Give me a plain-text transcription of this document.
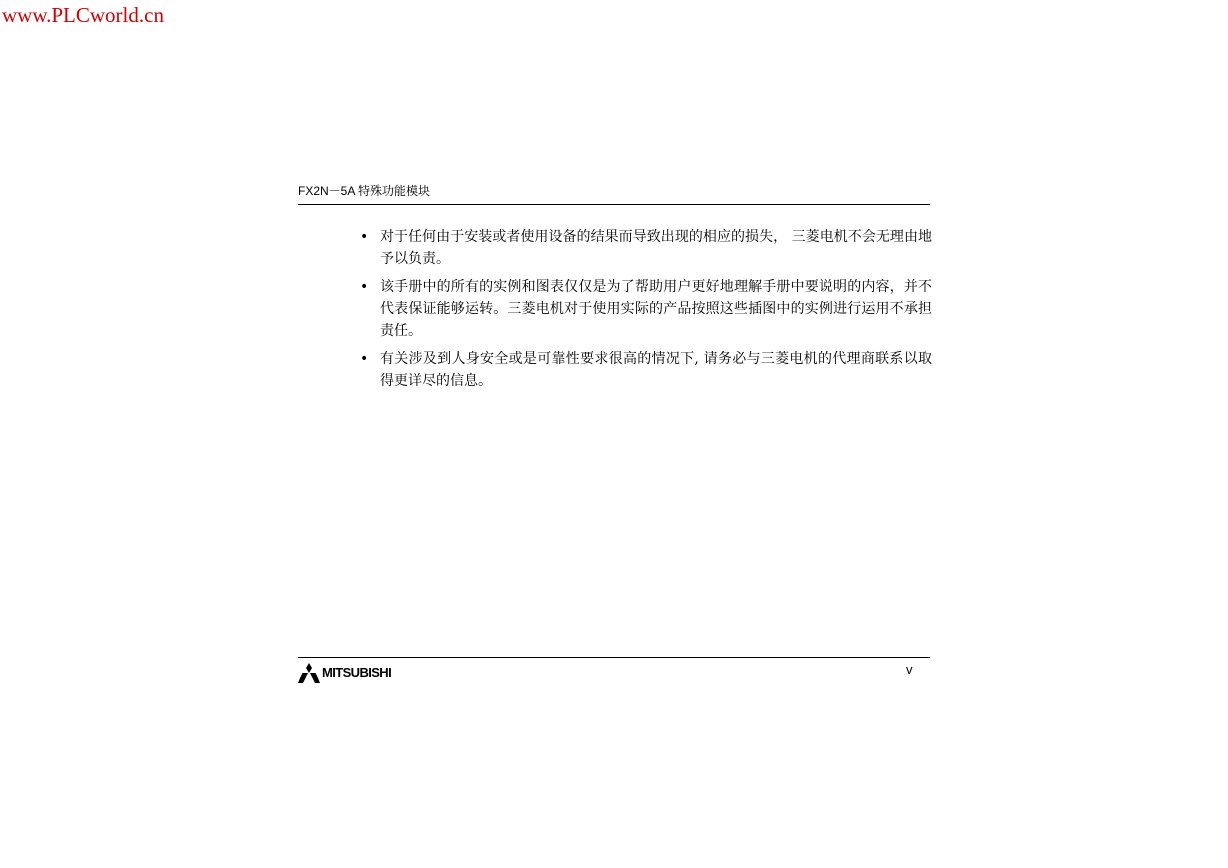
www.PLCworld.cn
FX2N－5A 特殊功能模块
• 对于任何由于安装或者使用设备的结果而导致出现的相应的损失， 三菱电机不会无理由地予以负责。
• 该手册中的所有的实例和图表仅仅是为了帮助用户更好地理解手册中要说明的内容，并不代表保证能够运转。三菱电机对于使用实际的产品按照这些插图中的实例进行运用不承担责任。
• 有关涉及到人身安全或是可靠性要求很高的情况下, 请务必与三菱电机的代理商联系以取得更详尽的信息。
MITSUBISHI	v
